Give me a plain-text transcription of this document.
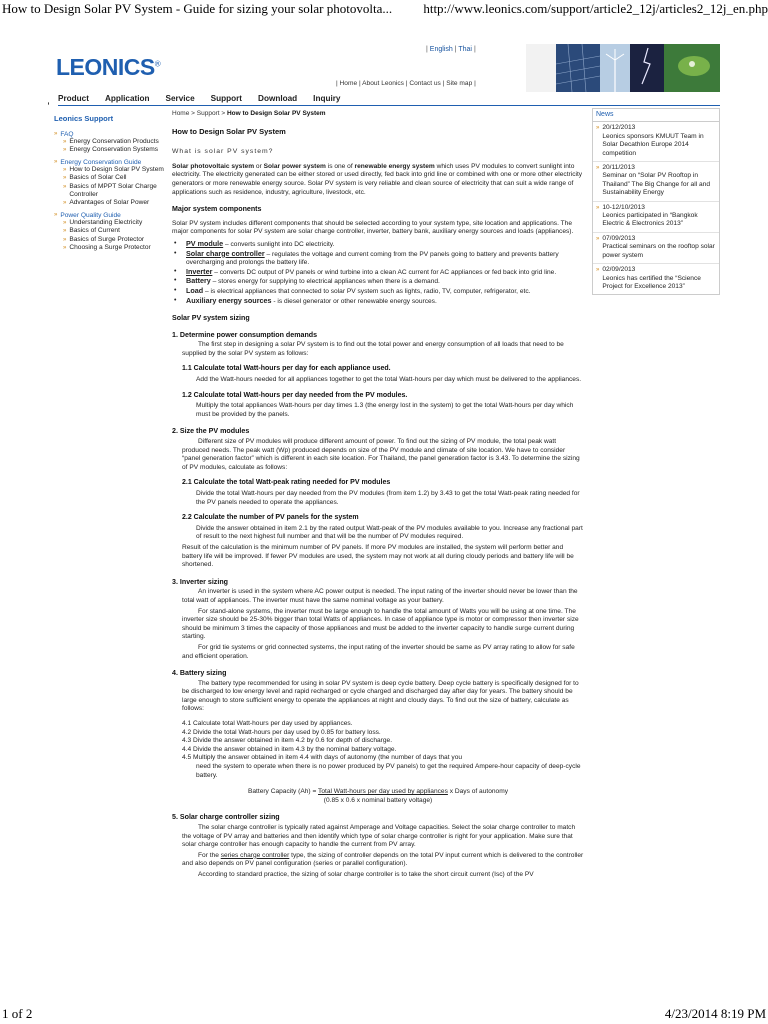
How to Design Solar PV System - Guide for sizing your solar photovolta... http://www.leonics.com/support/article2_12j/articles2_12j_en.php
| English | Thai |
LEONICS®
| Home | About Leonics | Contact us | Site map |
Product Application Service Support Download Inquiry
Leonics Support
» FAQ
» Energy Conservation Products
» Energy Conservation Systems
» Energy Conservation Guide
» How to Design Solar PV System
» Basics of Solar Cell
» Basics of MPPT Solar Charge Controller
» Advantages of Solar Power
» Power Quality Guide
» Understanding Electricity
» Basics of Current
» Basics of Surge Protector
» Choosing a Surge Protector
Home > Support > How to Design Solar PV System
How to Design Solar PV System
What is solar PV system?

Solar photovoltaic system or Solar power system is one of renewable energy system which uses PV modules to convert sunlight into electricity. The electricity generated can be either stored or used directly, fed back into grid line or combined with one or more other electricity generators or more renewable energy source. Solar PV system is very reliable and clean source of electricity that can suit a wide range of applications such as residence, industry, agriculture, livestock, etc.

Major system components

Solar PV system includes different components that should be selected according to your system type, site location and applications. The major components for solar PV system are solar charge controller, inverter, battery bank, auxiliary energy sources and loads (appliances).

•	PV module – converts sunlight into DC electricity.
•	Solar charge controller – regulates the voltage and current coming from the PV panels going to battery and prevents battery overcharging and prolongs the battery life.
•	Inverter – converts DC output of PV panels or wind turbine into a clean AC current for AC appliances or fed back into grid line.
•	Battery – stores energy for supplying to electrical appliances when there is a demand.
•	Load – is electrical appliances that connected to solar PV system such as lights, radio, TV, computer, refrigerator, etc.
•	Auxiliary energy sources - is diesel generator or other renewable energy sources.
Solar PV system sizing
1. Determine power consumption demands

The first step in designing a solar PV system is to find out the total power and energy consumption of all loads that need to be supplied by the solar PV system as follows:

1.1 Calculate total Watt-hours per day for each appliance used.

Add the Watt-hours needed for all appliances together to get the total Watt-hours per day which must be delivered to the appliances.

1.2 Calculate total Watt-hours per day needed from the PV modules.

Multiply the total appliances Watt-hours per day times 1.3 (the energy lost in the system) to get the total Watt-hours per day which must be provided by the panels.

2. Size the PV modules

Different size of PV modules will produce different amount of power. To find out the sizing of PV module, the total peak watt produced needs. The peak watt (Wp) produced depends on size of the PV module and climate of site location. We have to consider “panel generation factor” which is different in each site location. For Thailand, the panel generation factor is 3.43. To determine the sizing of PV modules, calculate as follows:

2.1 Calculate the total Watt-peak rating needed for PV modules

Divide the total Watt-hours per day needed from the PV modules (from item 1.2) by 3.43 to get the total Watt-peak rating needed for the PV panels needed to operate the appliances.

2.2 Calculate the number of PV panels for the system

Divide the answer obtained in item 2.1 by the rated output Watt-peak of the PV modules available to you. Increase any fractional part of result to the next highest full number and that will be the number of PV modules required.

Result of the calculation is the minimum number of PV panels. If more PV modules are installed, the system will perform better and battery life will be improved. If fewer PV modules are used, the system may not work at all during cloudy periods and battery life will be shortened.

3. Inverter sizing

An inverter is used in the system where AC power output is needed. The input rating of the inverter should never be lower than the total watt of appliances. The inverter must have the same nominal voltage as your battery.

For stand-alone systems, the inverter must be large enough to handle the total amount of Watts you will be using at one time. The inverter size should be 25-30% bigger than total Watts of appliances. In case of appliance type is motor or compressor then inverter size should be minimum 3 times the capacity of those appliances and must be added to the inverter capacity to handle surge current during starting.

For grid tie systems or grid connected systems, the input rating of the inverter should be same as PV array rating to allow for safe and efficient operation.

4. Battery sizing

The battery type recommended for using in solar PV system is deep cycle battery. Deep cycle battery is specifically designed for to be discharged to low energy level and rapid recharged or cycle charged and discharged day after day for years. The battery should be large enough to store sufficient energy to operate the appliances at night and cloudy days. To find out the size of battery, calculate as follows:

4.1 Calculate total Watt-hours per day used by appliances.
4.2 Divide the total Watt-hours per day used by 0.85 for battery loss.
4.3 Divide the answer obtained in item 4.2 by 0.6 for depth of discharge.
4.4 Divide the answer obtained in item 4.3 by the nominal battery voltage.
4.5 Multiply the answer obtained in item 4.4 with days of autonomy (the number of days that you
need the system to operate when there is no power produced by PV panels) to get the required Ampere-hour capacity of deep-cycle battery.
Battery Capacity (Ah) = Total Watt-hours per day used by appliances x Days of autonomy
(0.85 x 0.6 x nominal battery voltage)
5. Solar charge controller sizing

The solar charge controller is typically rated against Amperage and Voltage capacities. Select the solar charge controller to match the voltage of PV array and batteries and then identify which type of solar charge controller is right for your application. Make sure that solar charge controller has enough capacity to handle the current from PV array.

For the series charge controller type, the sizing of controller depends on the total PV input current which is delivered to the controller and also depends on PV panel configuration (series or parallel configuration).

According to standard practice, the sizing of solar charge controller is to take the short circuit current (Isc) of the PV

News
» 20/12/2013
Leonics sponsors KMUUT Team in Solar Decathlon Europe 2014 competition
» 20/11/2013
Seminar on “Solar PV Rooftop in Thailand” The Big Change for all and Sustainability Energy
» 10-12/10/2013
Leonics participated in “Bangkok Electric & Electronics 2013”
» 07/09/2013
Practical seminars on the rooftop solar power system
» 02/09/2013
Leonics has certified the “Science Project for Excellence 2013”
1 of 2	4/23/2014 8:19 PM
